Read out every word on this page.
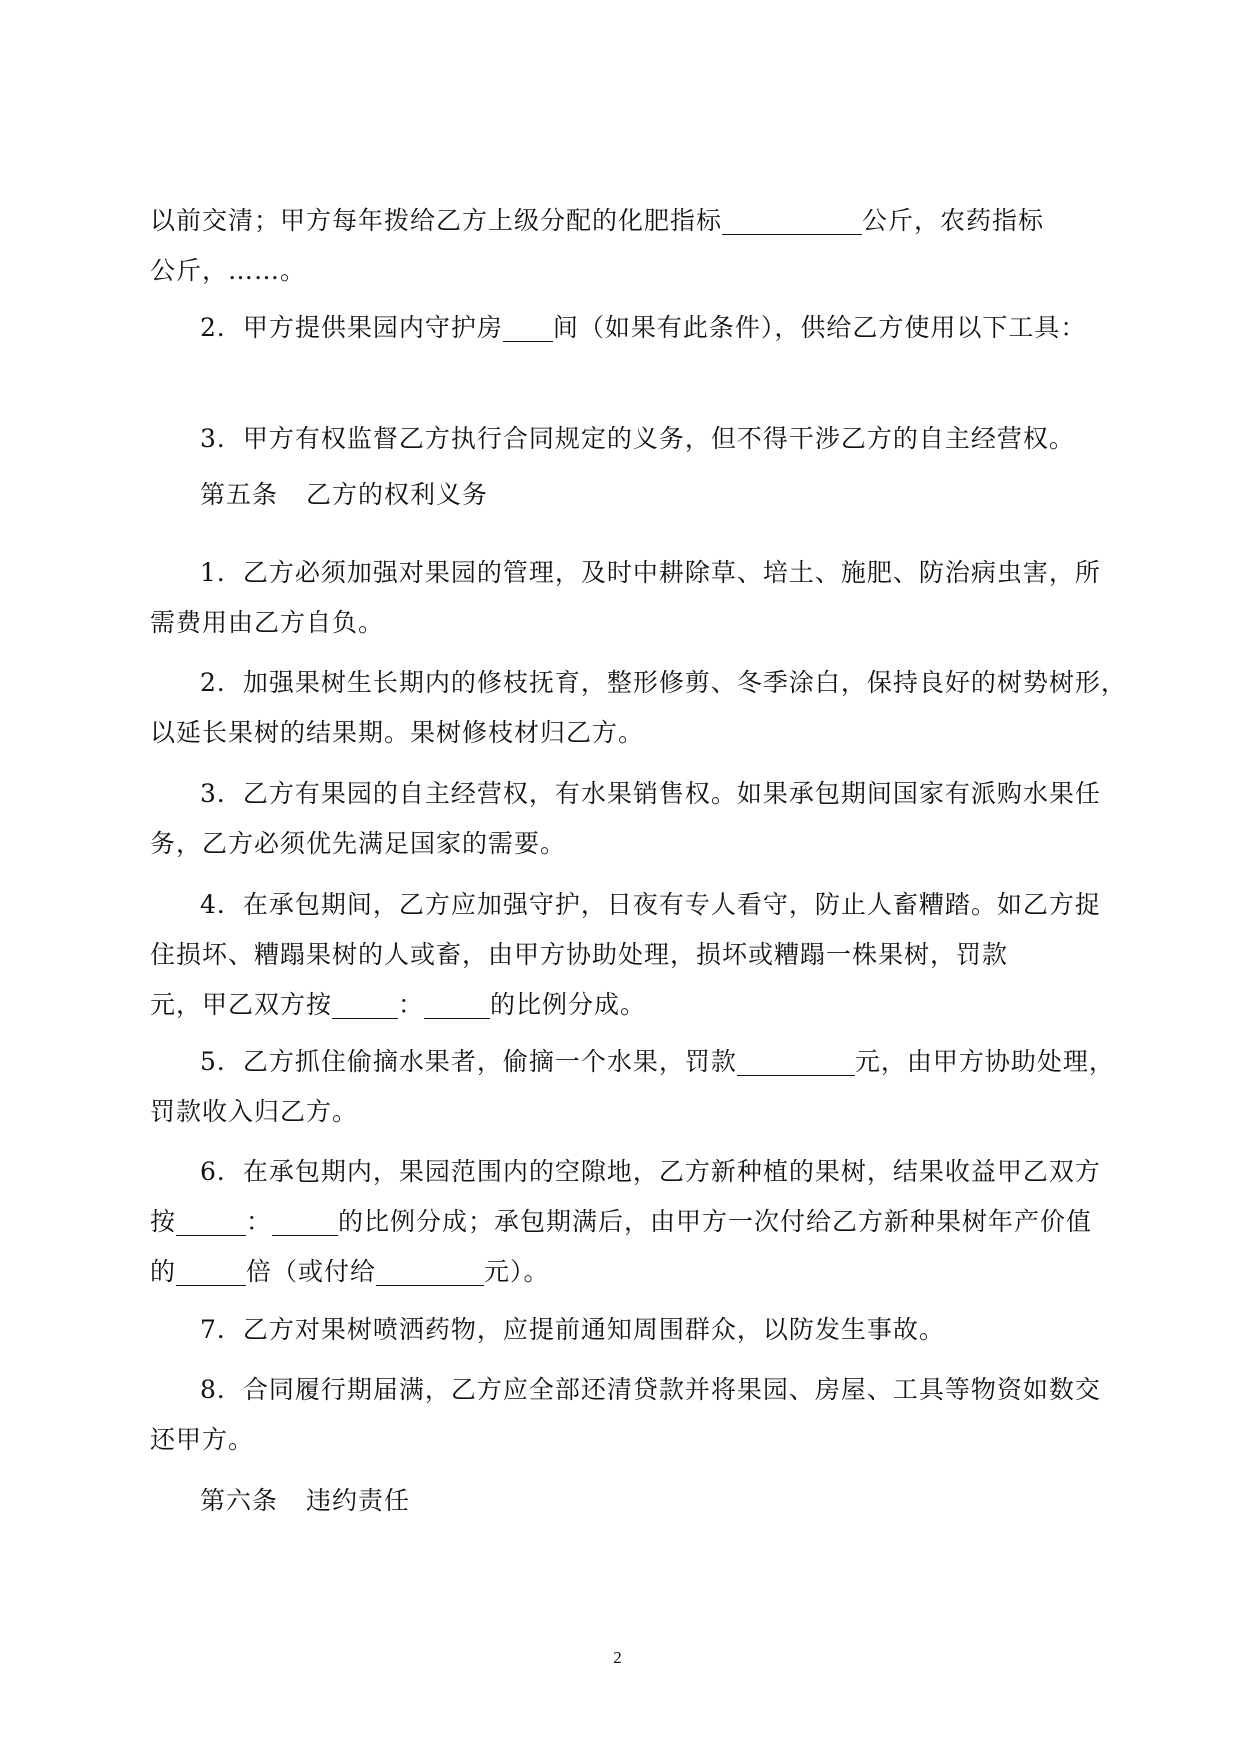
以前交清；甲方每年拨给乙方上级分配的化肥指标	公斤，农药指标
公斤，……。
2．甲方提供果园内守护房 间（如果有此条件），供给乙方使用以下工具：
3．甲方有权监督乙方执行合同规定的义务，但不得干涉乙方的自主经营权。
第五条 乙方的权利义务
1．乙方必须加强对果园的管理，及时中耕除草、培土、施肥、防治病虫害，所
需费用由乙方自负。
2．加强果树生长期内的修枝抚育，整形修剪、冬季涂白，保持良好的树势树形，
以延长果树的结果期。果树修枝材归乙方。
3．乙方有果园的自主经营权，有水果销售权。如果承包期间国家有派购水果任
务，乙方必须优先满足国家的需要。
4．在承包期间，乙方应加强守护，日夜有专人看守，防止人畜糟踏。如乙方捉
住损坏、糟蹋果树的人或畜，由甲方协助处理，损坏或糟蹋一株果树，罚款
元，甲乙双方按	：	的比例分成。
5．乙方抓住偷摘水果者，偷摘一个水果，罚款	元，由甲方协助处理，
罚款收入归乙方。
6．在承包期内，果园范围内的空隙地，乙方新种植的果树，结果收益甲乙双方
按	：	的比例分成；承包期满后，由甲方一次付给乙方新种果树年产价值
的	倍（或付给	元）。
7．乙方对果树喷洒药物，应提前通知周围群众，以防发生事故。
8．合同履行期届满，乙方应全部还清贷款并将果园、房屋、工具等物资如数交
还甲方。
第六条 违约责任
2
